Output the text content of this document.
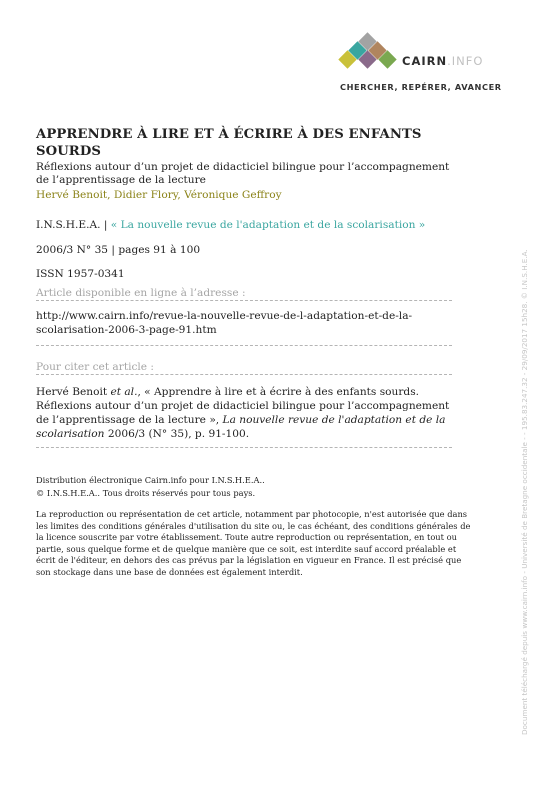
CAIRN.INFO
CHERCHER, REPÉRER, AVANCER
APPRENDRE À LIRE ET À ÉCRIRE À DES ENFANTS SOURDS
Réflexions autour d’un projet de didacticiel bilingue pour l’accompagnement de l’apprentissage de la lecture
Hervé Benoit, Didier Flory, Véronique Geffroy
I.N.S.H.E.A. | « La nouvelle revue de l'adaptation et de la scolarisation »
2006/3 N° 35 | pages 91 à 100
ISSN 1957-0341
Article disponible en ligne à l’adresse :
http://www.cairn.info/revue-la-nouvelle-revue-de-l-adaptation-et-de-la-scolarisation-2006-3-page-91.htm
Pour citer cet article :
Hervé Benoit et al., « Apprendre à lire et à écrire à des enfants sourds. Réflexions autour d’un projet de didacticiel bilingue pour l’accompagnement de l’apprentissage de la lecture », La nouvelle revue de l'adaptation et de la scolarisation 2006/3 (N° 35), p. 91-100.
Distribution électronique Cairn.info pour I.N.S.H.E.A..
© I.N.S.H.E.A.. Tous droits réservés pour tous pays.
La reproduction ou représentation de cet article, notamment par photocopie, n'est autorisée que dans les limites des conditions générales d'utilisation du site ou, le cas échéant, des conditions générales de la licence souscrite par votre établissement. Toute autre reproduction ou représentation, en tout ou partie, sous quelque forme et de quelque manière que ce soit, est interdite sauf accord préalable et écrit de l'éditeur, en dehors des cas prévus par la législation en vigueur en France. Il est précisé que son stockage dans une base de données est également interdit.	Document téléchargé depuis www.cairn.info - Université de Bretagne occidentale - - 195.83.247.32 - 29/09/2017 15h28. © I.N.S.H.E.A.
